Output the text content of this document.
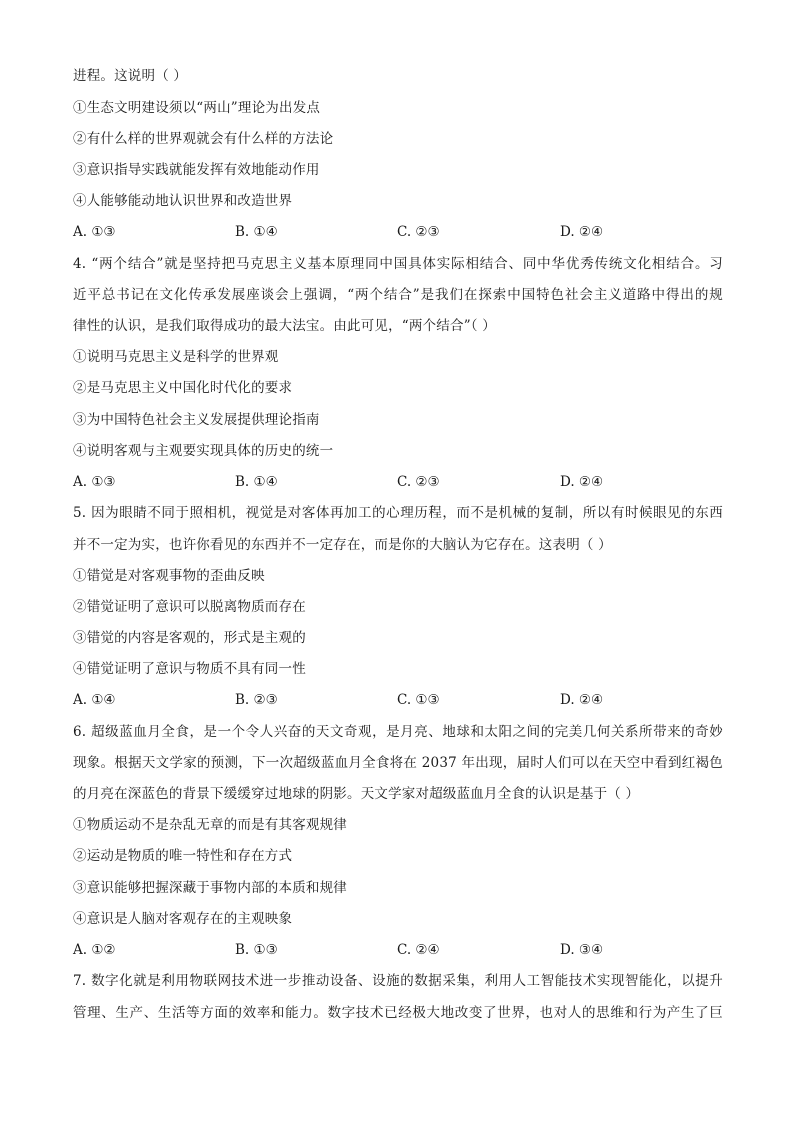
进程。这说明（ ）
①生态文明建设须以“两山”理论为出发点
②有什么样的世界观就会有什么样的方法论
③意识指导实践就能发挥有效地能动作用
④人能够能动地认识世界和改造世界
A. ①③	B. ①④	C. ②③	D. ②④
4. “两个结合”就是坚持把马克思主义基本原理同中国具体实际相结合、同中华优秀传统文化相结合。习
近平总书记在文化传承发展座谈会上强调，“两个结合”是我们在探索中国特色社会主义道路中得出的规
律性的认识，是我们取得成功的最大法宝。由此可见，“两个结合”（ ）
①说明马克思主义是科学的世界观
②是马克思主义中国化时代化的要求
③为中国特色社会主义发展提供理论指南
④说明客观与主观要实现具体的历史的统一
A. ①③	B. ①④	C. ②③	D. ②④
5. 因为眼睛不同于照相机，视觉是对客体再加工的心理历程，而不是机械的复制，所以有时候眼见的东西
并不一定为实，也许你看见的东西并不一定存在，而是你的大脑认为它存在。这表明（ ）
①错觉是对客观事物的歪曲反映
②错觉证明了意识可以脱离物质而存在
③错觉的内容是客观的，形式是主观的
④错觉证明了意识与物质不具有同一性
A. ①④	B. ②③	C. ①③	D. ②④
6. 超级蓝血月全食，是一个令人兴奋的天文奇观，是月亮、地球和太阳之间的完美几何关系所带来的奇妙
现象。根据天文学家的预测，下一次超级蓝血月全食将在 2037 年出现，届时人们可以在天空中看到红褐色
的月亮在深蓝色的背景下缓缓穿过地球的阴影。天文学家对超级蓝血月全食的认识是基于（ ）
①物质运动不是杂乱无章的而是有其客观规律
②运动是物质的唯一特性和存在方式
③意识能够把握深藏于事物内部的本质和规律
④意识是人脑对客观存在的主观映象
A. ①②	B. ①③	C. ②④	D. ③④
7. 数字化就是利用物联网技术进一步推动设备、设施的数据采集，利用人工智能技术实现智能化，以提升
管理、生产、生活等方面的效率和能力。数字技术已经极大地改变了世界，也对人的思维和行为产生了巨
